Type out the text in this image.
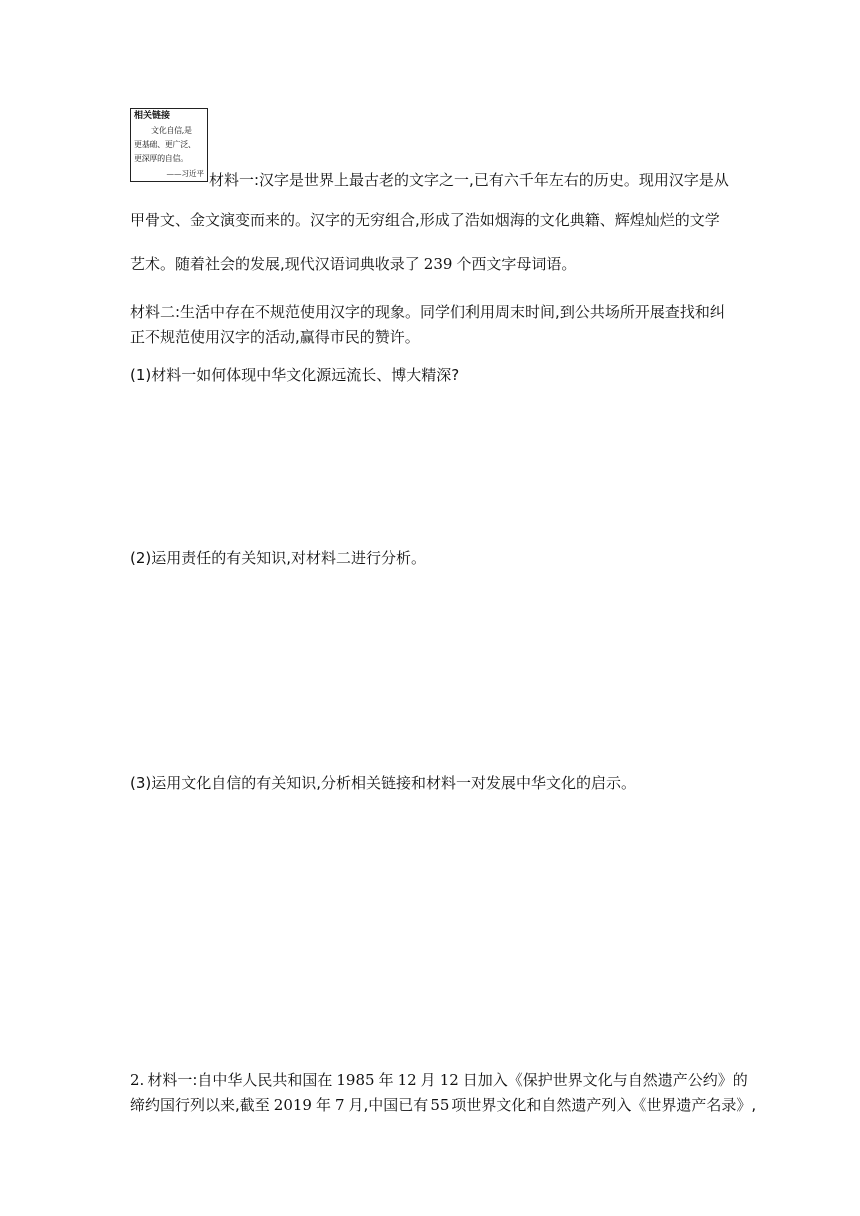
相关链接
文化自信,是
更基础、更广泛、
更深厚的自信。
——习近平 材料一:汉字是世界上最古老的文字之一,已有六千年左右的历史。现用汉字是从
甲骨文、金文演变而来的。汉字的无穷组合,形成了浩如烟海的文化典籍、辉煌灿烂的文学
艺术。随着社会的发展,现代汉语词典收录了 239 个西文字母词语。
材料二:生活中存在不规范使用汉字的现象。同学们利用周末时间,到公共场所开展查找和纠
正不规范使用汉字的活动,赢得市民的赞许。
(1)材料一如何体现中华文化源远流长、博大精深?
(2)运用责任的有关知识,对材料二进行分析。
(3)运用文化自信的有关知识,分析相关链接和材料一对发展中华文化的启示。
2. 材料一:自中华人民共和国在 1985 年 12 月 12 日加入《保护世界文化与自然遗产公约》的
缔约国行列以来,截至 2019 年 7 月,中国已有 55 项世界文化和自然遗产列入《世界遗产名录》,
